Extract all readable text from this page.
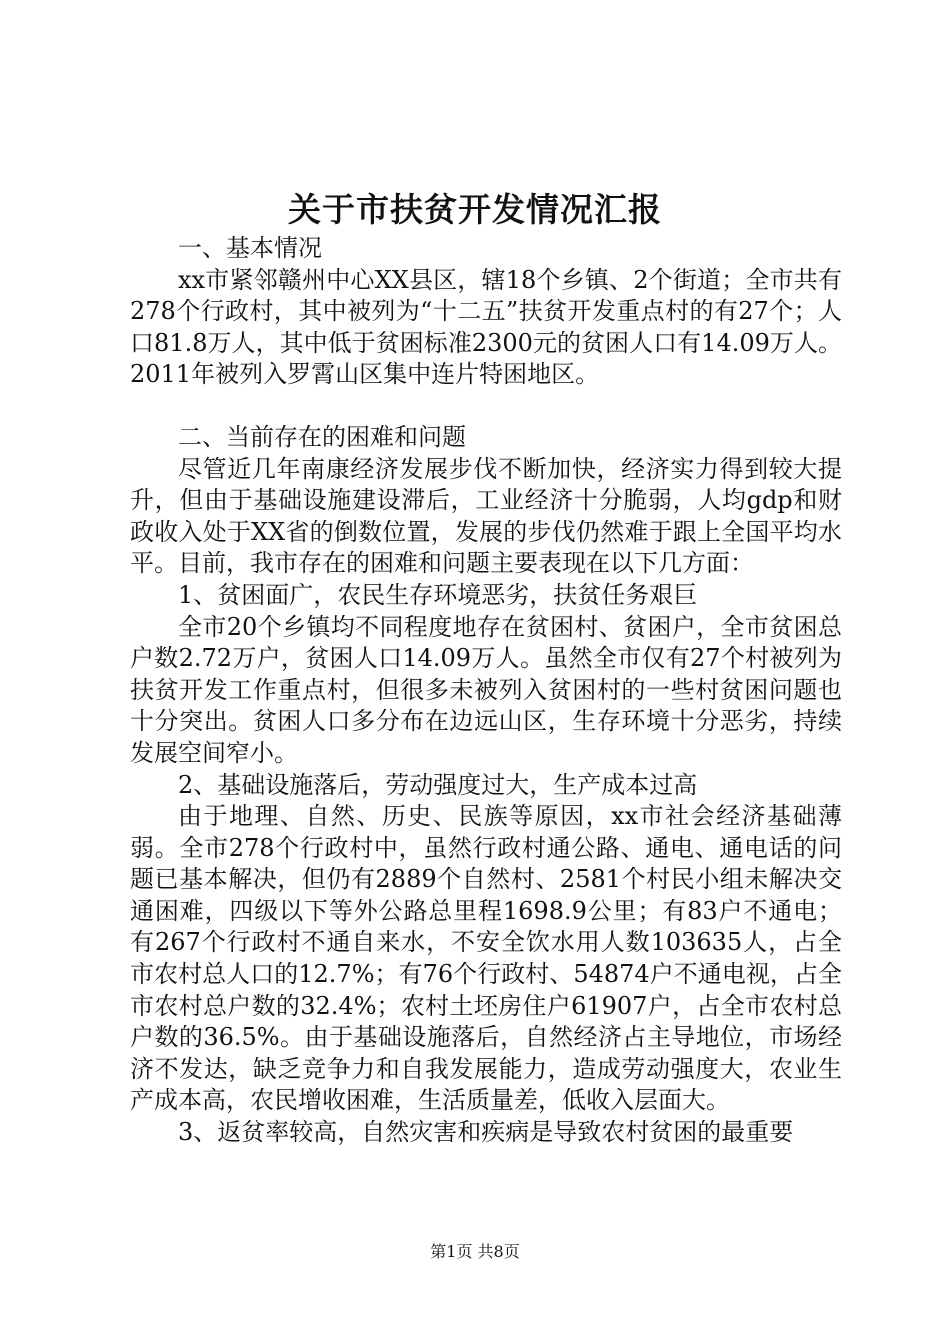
关于市扶贫开发情况汇报

一、基本情况

xx市紧邻赣州中心XX县区，辖18个乡镇、2个街道；全市共有278个行政村，其中被列为“十二五”扶贫开发重点村的有27个；人口81.8万人，其中低于贫困标准2300元的贫困人口有14.09万人。2011年被列入罗霄山区集中连片特困地区。

二、当前存在的困难和问题

尽管近几年南康经济发展步伐不断加快，经济实力得到较大提升，但由于基础设施建设滞后，工业经济十分脆弱，人均gdp和财政收入处于XX省的倒数位置，发展的步伐仍然难于跟上全国平均水平。目前，我市存在的困难和问题主要表现在以下几方面：

1、贫困面广，农民生存环境恶劣，扶贫任务艰巨

全市20个乡镇均不同程度地存在贫困村、贫困户，全市贫困总户数2.72万户，贫困人口14.09万人。虽然全市仅有27个村被列为扶贫开发工作重点村，但很多未被列入贫困村的一些村贫困问题也十分突出。贫困人口多分布在边远山区，生存环境十分恶劣，持续发展空间窄小。

2、基础设施落后，劳动强度过大，生产成本过高

由于地理、自然、历史、民族等原因，xx市社会经济基础薄弱。全市278个行政村中，虽然行政村通公路、通电、通电话的问题已基本解决，但仍有2889个自然村、2581个村民小组未解决交通困难，四级以下等外公路总里程1698.9公里；有83户不通电；有267个行政村不通自来水，不安全饮水用人数103635人，占全市农村总人口的12.7%；有76个行政村、54874户不通电视，占全市农村总户数的32.4%；农村土坯房住户61907户，占全市农村总户数的36.5%。由于基础设施落后，自然经济占主导地位，市场经济不发达，缺乏竞争力和自我发展能力，造成劳动强度大，农业生产成本高，农民增收困难，生活质量差，低收入层面大。

3、返贫率较高，自然灾害和疾病是导致农村贫困的最重要

第1页 共8页
